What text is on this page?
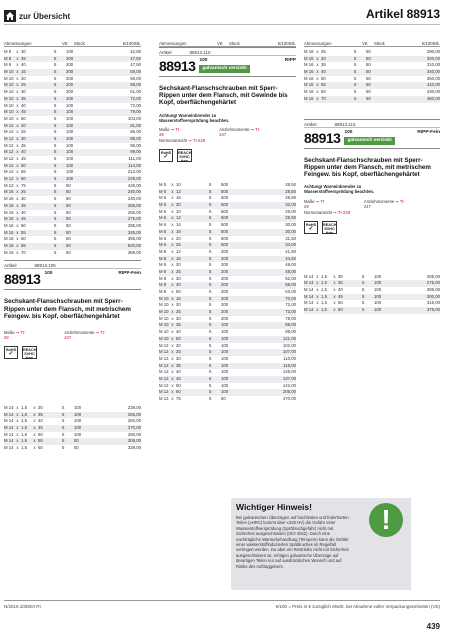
zur Übersicht	Artikel 88913
Abmessungen	VE	Stück	€/100Stk.
M 8	x 30	5	100	42,80
M 8	x 35	5	200	47,50
M 8	x 40	5	200	47,50
M 10 x 16	5	200	59,00
M 10 x 20	5	200	59,00
M 10 x 25	5	200	59,00
M 10 x 30	5	200	61,00
M 10 x 35	5	100	72,00
M 10 x 40	5	100	72,00
M 10 x 45	5	100	79,00
M 10 x 50	5	100	103,00
M 12 x 20	5	100	81,00
M 12 x 25	5	100	85,00
M 12 x 30	5	100	88,00
M 12 x 35	5	100	95,00
M 12 x 40	5	100	99,00
M 12 x 45	5	100	111,00
M 12 x 50	5	100	114,00
M 12 x 55	5	100	212,00
M 12 x 60	5	100	229,00
M 12 x 75	5	50	425,00
M 16 x 25	5	50	240,00
M 16 x 30	5	50	240,00
M 16 x 35	5	50	265,00
M 16 x 40	5	50	255,00
M 16 x 45	5	50	275,00
M 16 x 50	5	50	285,00
M 16 x 55	5	50	345,00
M 16 x 60	5	50	355,00
M 16 x 65	5	50	820,00
M 16 x 70	5	50	389,00
Artikel	88913.105
88913 100	RIPP-Fein
Sechskant-Flanschschrauben mit Sperr-Rippen unter dem Flansch, mit metrischem Feingew. bis Kopf, oberflächengehärtet
Maße ➞ TI-28
Anziehmomente ➞ TI-247
RoHS
✓
REACH
SVHC
free
M 14 x 1,5	x 30	5	100	239,00
M 14 x 1,5	x 35	5	100	265,00
M 14 x 1,5	x 40	5	100	260,00
M 14 x 1,5	x 45	5	100	270,00
M 14 x 1,5	x 50	5	100	280,00
M 14 x 1,5	x 55	5	50	308,00
M 14 x 1,5	x 60	5	50	338,00
Abmessungen	VE	Stück	€/100Stk.
Artikel	88913.110
88913 100	RIPP
galvanisch verzinkt
Sechskant-Flanschschrauben mit Sperr-Rippen unter dem Flansch, mit Gewinde bis Kopf, oberflächengehärtet
Achtung! Warneinbrender zu
Wasserstoffversprödung beachten.
Maße ➞ TI-28
Anziehmomente ➞ TI-247
Normenansicht ➞ TI-228
RoHS
✓
REACH
SVHC
free
M 5	x 10	5	500	28,50
M 5	x 12	5	500	28,50
M 5	x 16	5	500	29,80
M 5	x 20	5	500	32,00
M 6	x 10	5	500	29,00
M 6	x 12	5	500	29,50
M 6	x 14	5	500	30,00
M 6	x 16	5	500	30,00
M 6	x 20	5	500	31,50
M 6	x 25	5	500	34,00
M 8	x 12	5	200	41,50
M 8	x 16	5	200	44,50
M 8	x 20	5	200	48,00
M 8	x 25	5	200	48,00
M 8	x 30	5	200	52,00
M 8	x 40	5	200	58,00
M 8	x 50	5	200	63,00
M 10 x 16	5	200	70,00
M 10 x 20	5	200	72,00
M 10 x 25	5	200	73,00
M 10 x 30	5	200	78,00
M 10 x 35	5	100	89,00
M 10 x 40	5	100	98,00
M 10 x 50	5	100	121,00
M 12 x 20	5	100	102,00
M 12 x 25	5	100	107,00
M 12 x 30	5	100	110,00
M 12 x 35	5	100	118,00
M 12 x 40	5	100	125,00
M 12 x 45	5	100	137,00
M 12 x 50	5	100	142,00
M 12 x 60	5	100	205,00
M 12 x 75	5	50	470,00
Abmessungen	VE	Stück	€/100Stk.
M 16 x 25	5	50	290,00
M 16 x 30	5	50	300,00
M 16 x 35	5	50	310,00
M 16 x 40	5	50	340,00
M 16 x 50	5	50	350,00
M 16 x 55	5	50	410,00
M 16 x 60	5	50	430,00
M 16 x 70	5	50	460,00
Artikel	88913.115
88913 100	RIPP-Fein
galvanisch verzinkt
Sechskant-Flanschschrauben mit Sperr-Rippen unter dem Flansch, mit metrischem Feingew. bis Kopf, oberflächengehärtet
Achtung! Warneinbrender zu
Wasserstoffversprödung beachten.
Maße ➞ TI-28
Anziehmomente ➞ TI-247
Normenansicht ➞ TI-228
RoHS
✓
REACH
SVHC
free
M 14 x 1,5	x 30	5	100	265,00
M 14 x 1,5	x 35	5	100	275,00
M 14 x 1,5	x 40	5	100	285,00
M 14 x 1,5	x 45	5	100	300,00
M 14 x 1,5	x 50	5	100	315,00
M 14 x 1,5	x 60	5	100	375,00
Wichtiger Hinweis!
Bei galvanischen Überzügen auf hochfesten und federharten Teilen (≥HRC) kommt aber ≤320 HV) die Gefahr einer Wasserstoffversprödung (Spröbruchgefahr) nicht mit Sicherheit ausgeschlossen (ISO 4042). Durch eine nachträgliche Wärmebehandlung (Tempern) kann die Gefahr einer wasserstoffinduzierten Spätbruches im Regelfall verringert werden. Da aber ein Restrisiko nicht mit Sicherheit ausgeschlossen ist, erfolgen galvanische Überzüge auf derartigen Teilen nur auf ausdrücklichen Wunsch und auf Risiko des Auftraggebers.
!
N/2019.10/DE/HTI	€/100 = Preis in € zuzüglich MwSt. bei Abnahme voller Verpackungseinheiten (VE)
439
